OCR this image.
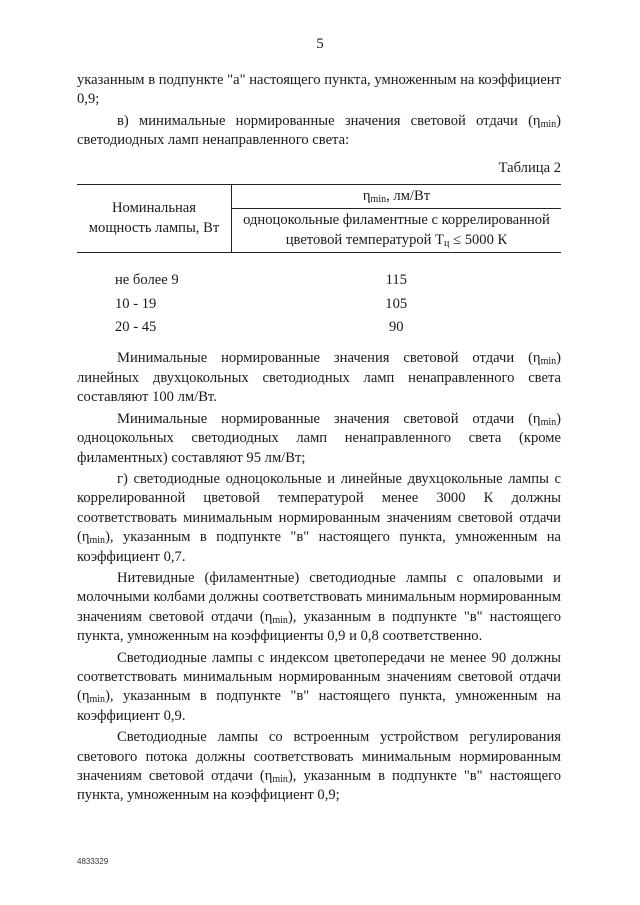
5

указанным в подпункте "а" настоящего пункта, умноженным на коэффициент 0,9;

в) минимальные нормированные значения световой отдачи $(\eta_{min})$ светодиодных ламп ненаправленного света:

Таблица 2
Номинальная мощность лампы, Вт	$\eta_{min}$, лм/Вт
	одноцокольные филаментные с коррелированной цветовой температурой $T_ц \le 5000$ К

не более 9	115
10 - 19	105
20 - 45	90

Минимальные нормированные значения световой отдачи $(\eta_{min})$ линейных двухцокольных светодиодных ламп ненаправленного света составляют 100 лм/Вт.

Минимальные нормированные значения световой отдачи $(\eta_{min})$ одноцокольных светодиодных ламп ненаправленного света (кроме филаментных) составляют 95 лм/Вт;

г) светодиодные одноцокольные и линейные двухцокольные лампы с коррелированной цветовой температурой менее 3000 К должны соответствовать минимальным нормированным значениям световой отдачи $(\eta_{min})$, указанным в подпункте "в" настоящего пункта, умноженным на коэффициент 0,7.

Нитевидные (филаментные) светодиодные лампы с опаловыми и молочными колбами должны соответствовать минимальным нормированным значениям световой отдачи $(\eta_{min})$, указанным в подпункте "в" настоящего пункта, умноженным на коэффициенты 0,9 и 0,8 соответственно.

Светодиодные лампы с индексом цветопередачи не менее 90 должны соответствовать минимальным нормированным значениям световой отдачи $(\eta_{min})$, указанным в подпункте "в" настоящего пункта, умноженным на коэффициент 0,9.

Светодиодные лампы со встроенным устройством регулирования светового потока должны соответствовать минимальным нормированным значениям световой отдачи $(\eta_{min})$, указанным в подпункте "в" настоящего пункта, умноженным на коэффициент 0,9;

4833329
